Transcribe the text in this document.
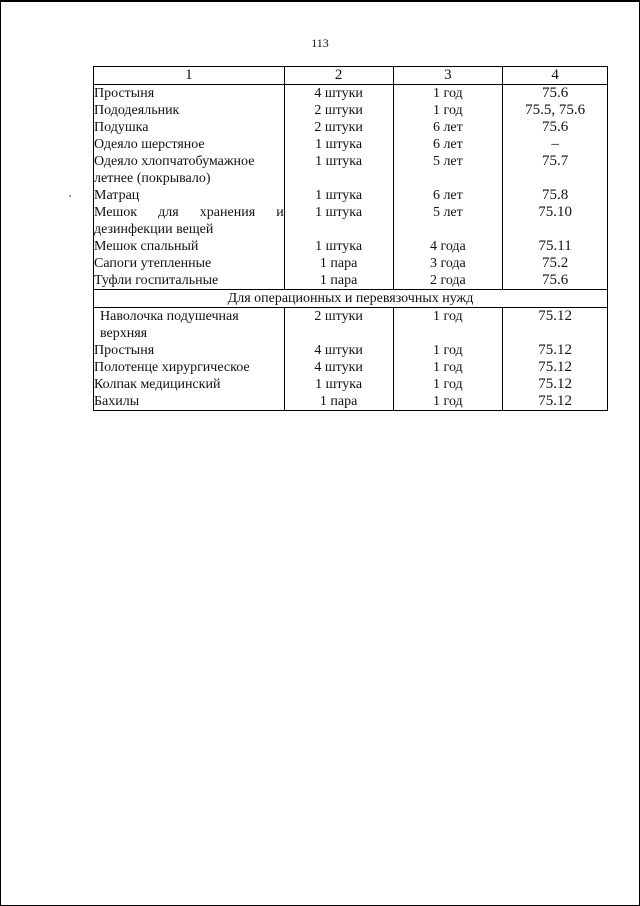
113
1	2	3	4
Простыня	4 штуки	1 год	75.6
Пододеяльник	2 штуки	1 год	75.5, 75.6
Подушка	2 штуки	6 лет	75.6
Одеяло шерстяное	1 штука	6 лет	–
Одеяло хлопчатобумажное летнее (покрывало)	1 штука	5 лет	75.7
Матрац	1 штука	6 лет	75.8
Мешок для хранения и дезинфекции вещей	1 штука	5 лет	75.10
Мешок спальный	1 штука	4 года	75.11
Сапоги утепленные	1 пара	3 года	75.2
Туфли госпитальные	1 пара	2 года	75.6
Для операционных и перевязочных нужд			
Наволочка подушечная верхняя	2 штуки	1 год	75.12
Простыня	4 штуки	1 год	75.12
Полотенце хирургическое	4 штуки	1 год	75.12
Колпак медицинский	1 штука	1 год	75.12
Бахилы	1 пара	1 год	75.12
